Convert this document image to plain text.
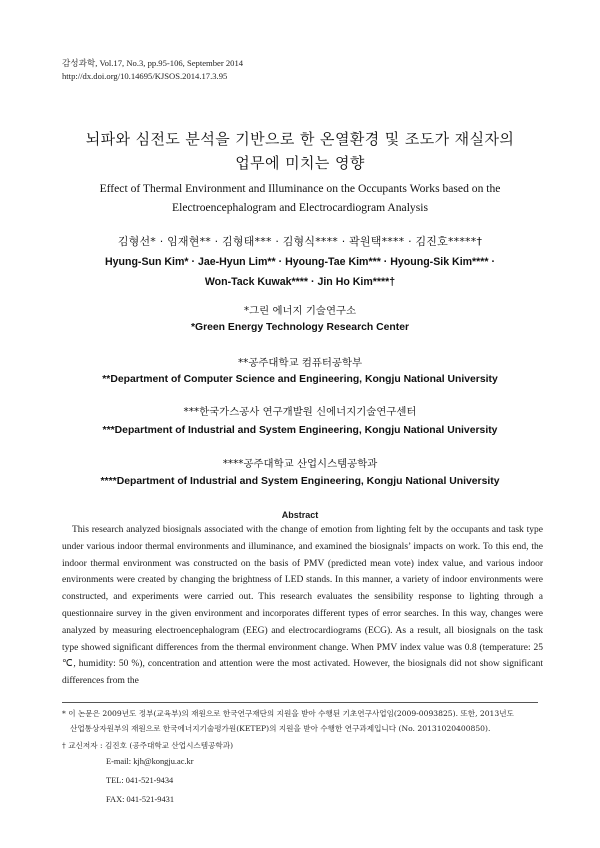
감성과학, Vol.17, No.3, pp.95-106, September 2014
http://dx.doi.org/10.14695/KJSOS.2014.17.3.95
뇌파와 심전도 분석을 기반으로 한 온열환경 및 조도가 재실자의
업무에 미치는 영향
Effect of Thermal Environment and Illuminance on the Occupants Works based on the
Electroencephalogram and Electrocardiogram Analysis
김형선* · 임재현** · 김형태*** · 김형식**** · 곽원택**** · 김진호*****†
Hyung-Sun Kim* · Jae-Hyun Lim** · Hyoung-Tae Kim*** · Hyoung-Sik Kim**** ·
Won-Tack Kuwak**** · Jin Ho Kim****†
*그린 에너지 기술연구소
*Green Energy Technology Research Center
**공주대학교 컴퓨터공학부
**Department of Computer Science and Engineering, Kongju National University
***한국가스공사 연구개발원 신에너지기술연구센터
***Department of Industrial and System Engineering, Kongju National University
****공주대학교 산업시스템공학과
****Department of Industrial and System Engineering, Kongju National University
Abstract

This research analyzed biosignals associated with the change of emotion from lighting felt by the occupants and task type under various indoor thermal environments and illuminance, and examined the biosignals’ impacts on work. To this end, the indoor thermal environment was constructed on the basis of PMV (predicted mean vote) index value, and various indoor environments were created by changing the brightness of LED stands. In this manner, a variety of indoor environments were constructed, and experiments were carried out. This research evaluates the sensibility response to lighting through a questionnaire survey in the given environment and incorporates different types of error searches. In this way, changes were analyzed by measuring electroencephalogram (EEG) and electrocardiograms (ECG). As a result, all biosignals on the task type showed significant differences from the thermal environment change. When PMV index value was 0.8 (temperature: 25 ℃, humidity: 50 %), concentration and attention were the most activated. However, the biosignals did not show significant differences from the

* 이 논문은 2009년도 정부(교육부)의 재원으로 한국연구재단의 지원을 받아 수행된 기초연구사업임(2009-0093825). 또한, 2013년도
산업통상자원부의 재원으로 한국에너지기술평가원(KETEP)의 지원을 받아 수행한 연구과제입니다 (No. 20131020400850).
† 교신저자 : 김진호 (공주대학교 산업시스템공학과)
E-mail: kjh@kongju.ac.kr
TEL: 041-521-9434
FAX: 041-521-9431
